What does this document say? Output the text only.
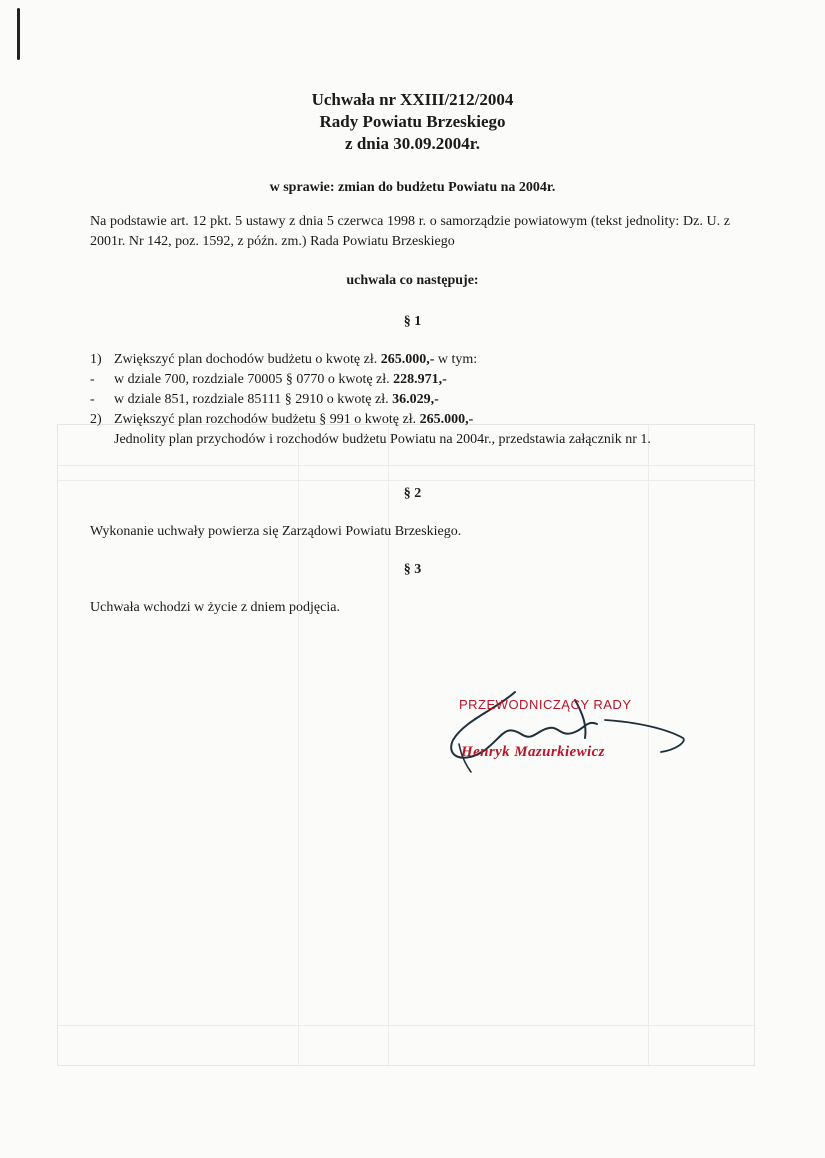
Uchwała nr XXIII/212/2004
Rady Powiatu Brzeskiego
z dnia 30.09.2004r.
w sprawie: zmian do budżetu Powiatu na 2004r.
Na podstawie art. 12 pkt. 5 ustawy z dnia 5 czerwca 1998 r. o samorządzie powiatowym (tekst jednolity: Dz. U. z 2001r. Nr 142, poz. 1592, z późn. zm.) Rada Powiatu Brzeskiego
uchwala co następuje:
§ 1
1) Zwiększyć plan dochodów budżetu o kwotę zł. 265.000,- w tym:
- w dziale 700, rozdziale 70005 § 0770 o kwotę zł. 228.971,-
- w dziale 851, rozdziale 85111 § 2910 o kwotę zł. 36.029,-
2) Zwiększyć plan rozchodów budżetu § 991 o kwotę zł. 265.000,-
Jednolity plan przychodów i rozchodów budżetu Powiatu na 2004r., przedstawia załącznik nr 1.
§ 2
Wykonanie uchwały powierza się Zarządowi Powiatu Brzeskiego.
§ 3
Uchwała wchodzi w życie z dniem podjęcia.
PRZEWODNICZĄCY RADY
Henryk Mazurkiewicz
